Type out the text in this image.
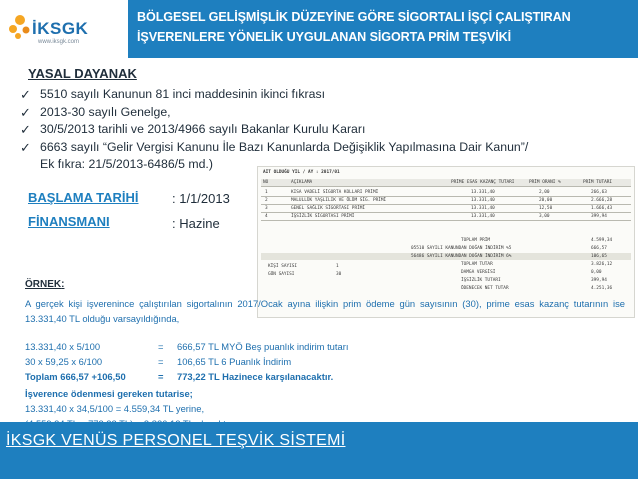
İKSGK
www.iksgk.com
BÖLGESEL GELİŞMİŞLİK DÜZEYİNE GÖRE SİGORTALI İŞÇİ ÇALIŞTIRAN
İŞVERENLERE YÖNELİK UYGULANAN SİGORTA PRİM TEŞVİKİ
YASAL DAYANAK
✓ 5510 sayılı Kanunun 81 inci maddesinin ikinci fıkrası
✓ 2013-30 sayılı Genelge,
✓ 30/5/2013 tarihli ve 2013/4966 sayılı Bakanlar Kurulu Kararı
✓ 6663 sayılı “Gelir Vergisi Kanunu İle Bazı Kanunlarda Değişiklik Yapılmasına Dair Kanun”/
Ek fıkra: 21/5/2013-6486/5 md.)
BAŞLAMA TARİHİ	: 1/1/2013
FİNANSMANI	: Hazine
AIT OLDUĞU YIL / AY : 2017/01
NO	AÇIKLAMA	PRİME ESAS KAZANÇ TUTARI	PRİM ORANI %	PRİM TUTARI
1	KISA VADELİ SİGORTA KOLLARI PRİMİ	13.331,40	2,00	266,63
2	MALULLÜK YAŞLILIK VE ÖLÜM SİG. PRİMİ	13.331,40	20,00	2.666,28
3	GENEL SAĞLIK SİGORTASI PRİMİ	13.331,40	12,50	1.666,43
4	İŞSİZLİK SİGORTASI PRİMİ	13.331,40	3,00	399,94
TOPLAM PRİM	4.599,34
05510 SAYILI KANUNDAN DOĞAN İNDİRİM %5	666,57
56486 SAYILI KANUNDAN DOĞAN İNDİRİM 6%	106,65
TOPLAM TUTAR	3.826,12
DAMGA VERGİSİ	0,00
İŞSİZLİK TUTARI	399,94
ÖDENECEK NET TUTAR	4.251,36
KİŞİ SAYISI	1
GÜN SAYISI	30
ÖRNEK:
A gerçek kişi işverenince çalıştırılan sigortalının 2017/Ocak ayına ilişkin prim ödeme gün sayısının (30), prime esas kazanç tutarının ise 13.331,40 TL olduğu varsayıldığında,
13.331,40 x 5/100	= 666,57 TL MYÖ Beş puanlık indirim tutarı
30 x 59,25 x 6/100	= 106,65 TL 6 Puanlık İndirim
Toplam 666,57 +106,50	= 773,22 TL Hazinece karşılanacaktır.
İşverence ödenmesi gereken tutarise;
13.331,40 x 34,5/100 = 4.559,34 TL yerine,
İKSGK VENÜS PERSONEL TEŞVİK SİSTEMİ
